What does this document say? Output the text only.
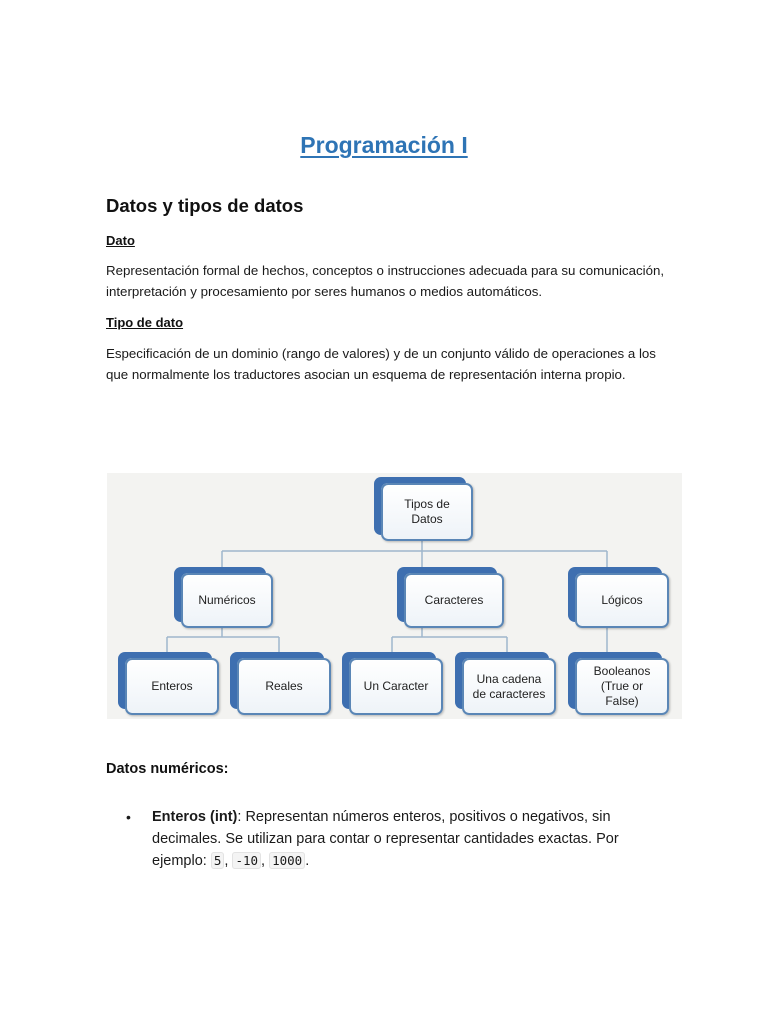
Programación I
Datos y tipos de datos
Dato

Representación formal de hechos, conceptos o instrucciones adecuada para su comunicación, interpretación y procesamiento por seres humanos o medios automáticos.

Tipo de dato

Especificación de un dominio (rango de valores) y de un conjunto válido de operaciones a los que normalmente los traductores asocian un esquema de representación interna propio.

Tipos de
Datos
Numéricos	Caracteres	Lógicos
Enteros	Reales	Un Caracter
Una cadena
de caracteres
Booleanos
(True or
False)
Datos numéricos:
• Enteros (int): Representan números enteros, positivos o negativos, sin decimales. Se utilizan para contar o representar cantidades exactas. Por ejemplo: 5 , -10 , 1000 .
